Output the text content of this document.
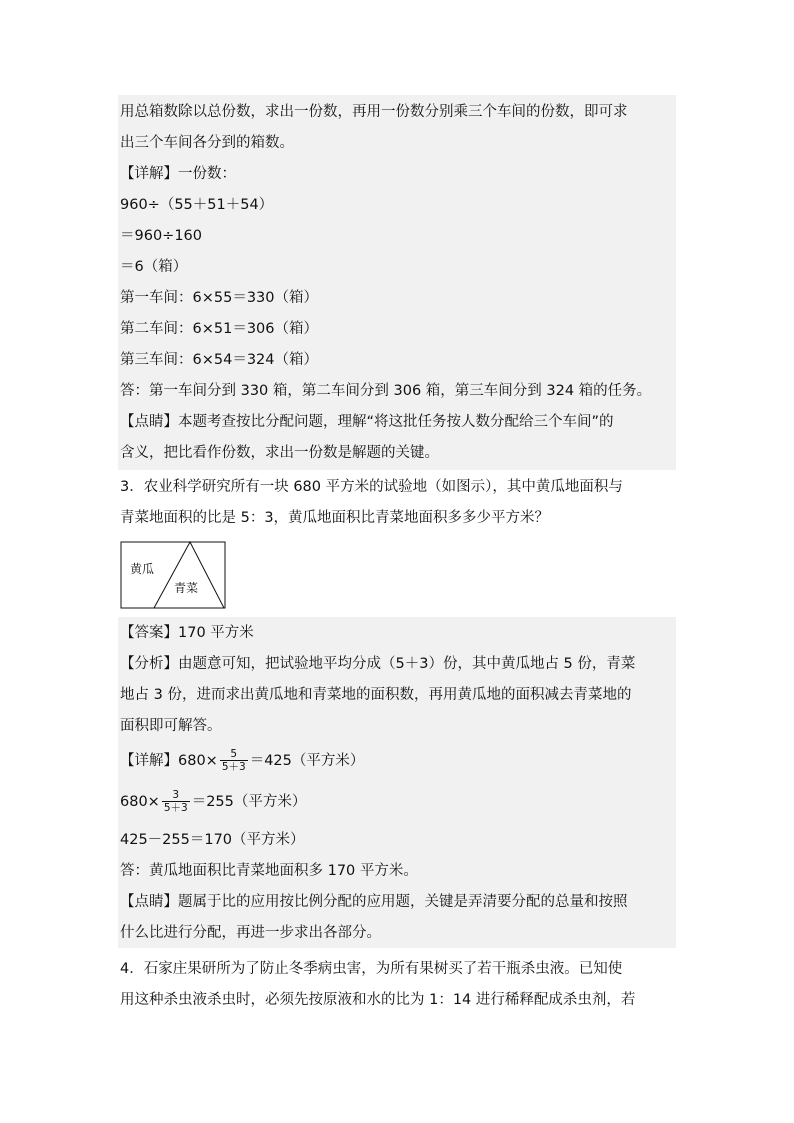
用总箱数除以总份数，求出一份数，再用一份数分别乘三个车间的份数，即可求
出三个车间各分到的箱数。
【详解】一份数：
960÷（55＋51＋54）
＝960÷160
＝6（箱）
第一车间：6×55＝330（箱）
第二车间：6×51＝306（箱）
第三车间：6×54＝324（箱）
答：第一车间分到 330 箱，第二车间分到 306 箱，第三车间分到 324 箱的任务。
【点睛】本题考查按比分配问题，理解“将这批任务按人数分配给三个车间”的
含义，把比看作份数，求出一份数是解题的关键。
3．农业科学研究所有一块 680 平方米的试验地（如图示），其中黄瓜地面积与
青菜地面积的比是 5：3，黄瓜地面积比青菜地面积多多少平方米？
黄瓜
青菜
【答案】170 平方米
【分析】由题意可知，把试验地平均分成（5＋3）份，其中黄瓜地占 5 份，青菜
地占 3 份，进而求出黄瓜地和青菜地的面积数，再用黄瓜地的面积减去青菜地的
面积即可解答。
【详解】$680\times \frac{5}{5+3} =425$（平方米）
$680\times \frac{3}{5+3} =255$（平方米）
425－255＝170（平方米）
答：黄瓜地面积比青菜地面积多 170 平方米。
【点睛】题属于比的应用按比例分配的应用题，关键是弄清要分配的总量和按照
什么比进行分配，再进一步求出各部分。
4．石家庄果研所为了防止冬季病虫害，为所有果树买了若干瓶杀虫液。已知使
用这种杀虫液杀虫时，必须先按原液和水的比为 1：14 进行稀释配成杀虫剂，若
